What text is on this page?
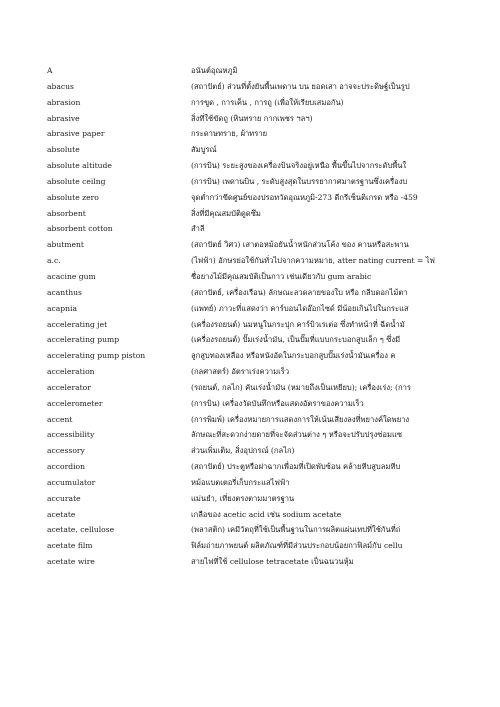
A	อนันต์อุณหภูมิ
abacus	(สถาปัตย์) ส่วนที่ตั้งยันพื้นเพดาน บน ยอดเสา อาจจะประดิษฐ์เป็นรูป
abrasion	การขูด , การเค็น , การถู (เพื่อให้เรียบเสมอกัน)
abrasive	สิ่งที่ใช้ขัดถู (หินทราย กากเพชร ฯลฯ)
abrasive paper	กระดาษทราย, ผ้าทราย
absolute	สัมบูรณ์
absolute altitude	(การบิน) ระยะสูงของเครื่องบินจริงอยู่เหนือ พื้นขึ้นไปจากระดับพื้นใ
absolute ceilng	(การบิน) เพดานบิน , ระดับสูงสุดในบรรยากาศมาตรฐานซึ่งเครื่องบ
absolute zero	จุดต่ำกว่าขีดศูนย์ของปรอทวัดอุณหภูมิ-273 ดีกรีเซ็นติเกรด หรือ -459
absorbent	สิ่งที่มีคุณสมบัติดูดซึม
absorbent cotton	สำลี
abutment	(สถาปัตย์ วิศว) เสาตอหม้อยันน้ำหนักส่วนโค้ง ของ คานหรือสะพาน
a.c.	(ไฟฟ้า) อักษรย่อใช้กันทั่วไปจากความหมาย, atter nating current = ไฟ
acacine gum	ชื่อยางไม้มีคุณสมบัติเป็นกาว เช่นเดียวกับ gum arabic
acanthus	(สถาปัตย์, เครื่องเรือน) ลักษณะลวดลายของใบ หรือ กลีบดอกไม้ตา
acapnia	(แพทย์) ภาวะที่แสดงว่า คาร์บอนไดอ๊อกไซด์ มีน้อยเกินไปในกระแส
accelerating jet	(เครื่องรถยนต์) นมหนูในกระปุก คาร์บิวเรเต่อ ซึ่งทำหน้าที่ ฉีดน้ำมั
accelerating pump	(เครื่องรถยนต์) ปั๊มเร่งน้ำมัน, เป็นปั๊มที่แบบกระบอกสูบเล็ก ๆ ซึ่งมี
accelerating pump piston	ลูกสูบทองเหลือง หรือหนังอัดในกระบอกสูบปั๊มเร่งน้ำมันเครื่อง ค
acceleration	(กลศาสตร์) อัตราเร่งความเร็ว
accelerator	(รถยนต์, กลไก) คันเร่งน้ำมัน (หมายถึงเป็นเหยียบ); เครื่องเร่ง; (การ
accelerometer	(การบิน) เครื่องวัดบันทึกหรือแสดงอัตราของความเร็ว
accent	(การพิมพ์) เครื่องหมายการแสดงการให้เน้นเสียงลงที่พยางค์ใดพยาง
accessibility	ลักษณะที่สะดวกง่ายดายที่จะจัดส่วนต่าง ๆ หรือจะปรับปรุงซ่อมแซ
accessory	ส่วนเพิ่มเติม, สิ่งอุปกรณ์ (กลไก)
accordion	(สถาปัตย์) ประตูหรือฝาฉากเพื่อมที่เปิดพับซ้อน คล้ายหีบสูบลมหีบ
accumulator	หม้อแบตเตอรี่เก็บกระแสไฟฟ้า
accurate	แม่นยำ, เที่ยงตรงตามมาตรฐาน
acetate	เกลือของ acetic acid เช่น sodium acetate
acetate, cellulose	(พลาสติก) เคมีวัตถุที่ใช้เป็นพื้นฐานในการผลิตแผ่นเทปที่ใช้กันที่ถ่
acetate film	ฟิล์มถ่ายภาพยนต์ ผลิตภัณฑ์ที่มีส่วนประกอบน้อยกาฟิลม์กับ cellu
acetate wire	สายไฟที่ใช้ cellulose tetracetate เป็นฉนวนหุ้ม
